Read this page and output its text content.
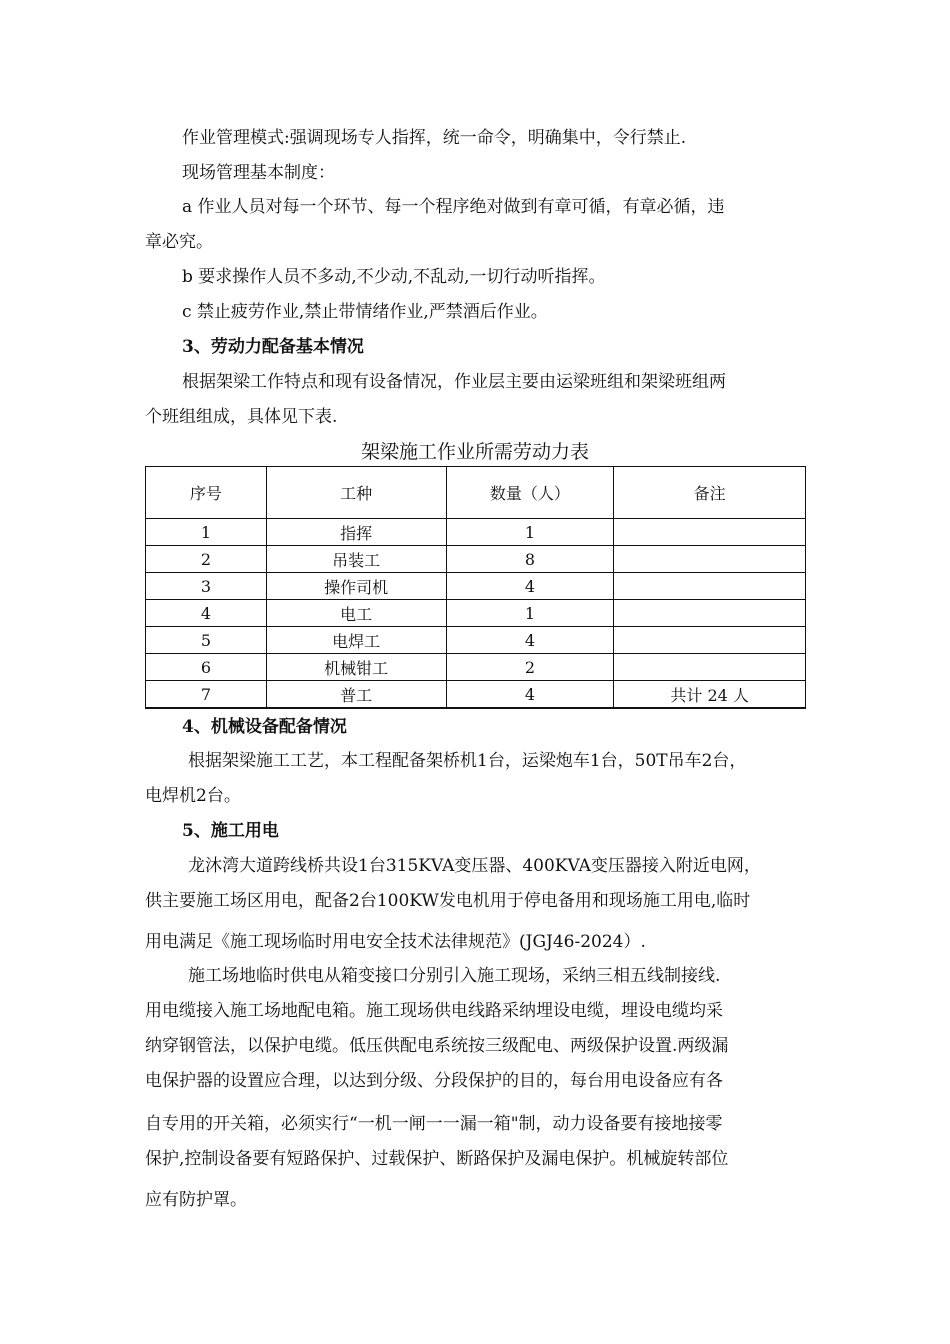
作业管理模式:强调现场专人指挥，统一命令，明确集中，令行禁止.
现场管理基本制度：
a 作业人员对每一个环节、每一个程序绝对做到有章可循，有章必循，违
章必究。
b 要求操作人员不多动,不少动,不乱动,一切行动听指挥。
c 禁止疲劳作业,禁止带情绪作业,严禁酒后作业。
3、劳动力配备基本情况
根据架梁工作特点和现有设备情况，作业层主要由运梁班组和架梁班组两
个班组组成，具体见下表.
架梁施工作业所需劳动力表
序号	工种	数量（人）	备注
1	指挥	1	
2	吊装工	8	
3	操作司机	4	
4	电工	1	
5	电焊工	4	
6	机械钳工	2	
7	普工	4	共计 24 人
4、机械设备配备情况
根据架梁施工工艺，本工程配备架桥机1台，运梁炮车1台，50T吊车2台，
电焊机2台。
5、施工用电
龙沐湾大道跨线桥共设1台315KVA变压器、400KVA变压器接入附近电网，
供主要施工场区用电，配备2台100KW发电机用于停电备用和现场施工用电,临时
用电满足《施工现场临时用电安全技术法律规范》(JGJ46-2024）.
施工场地临时供电从箱变接口分别引入施工现场，采纳三相五线制接线.
用电缆接入施工场地配电箱。施工现场供电线路采纳埋设电缆，埋设电缆均采
纳穿钢管法，以保护电缆。低压供配电系统按三级配电、两级保护设置.两级漏
电保护器的设置应合理，以达到分级、分段保护的目的，每台用电设备应有各
自专用的开关箱，必须实行“一机一闸一一漏一箱"制，动力设备要有接地接零
保护,控制设备要有短路保护、过载保护、断路保护及漏电保护。机械旋转部位
应有防护罩。
